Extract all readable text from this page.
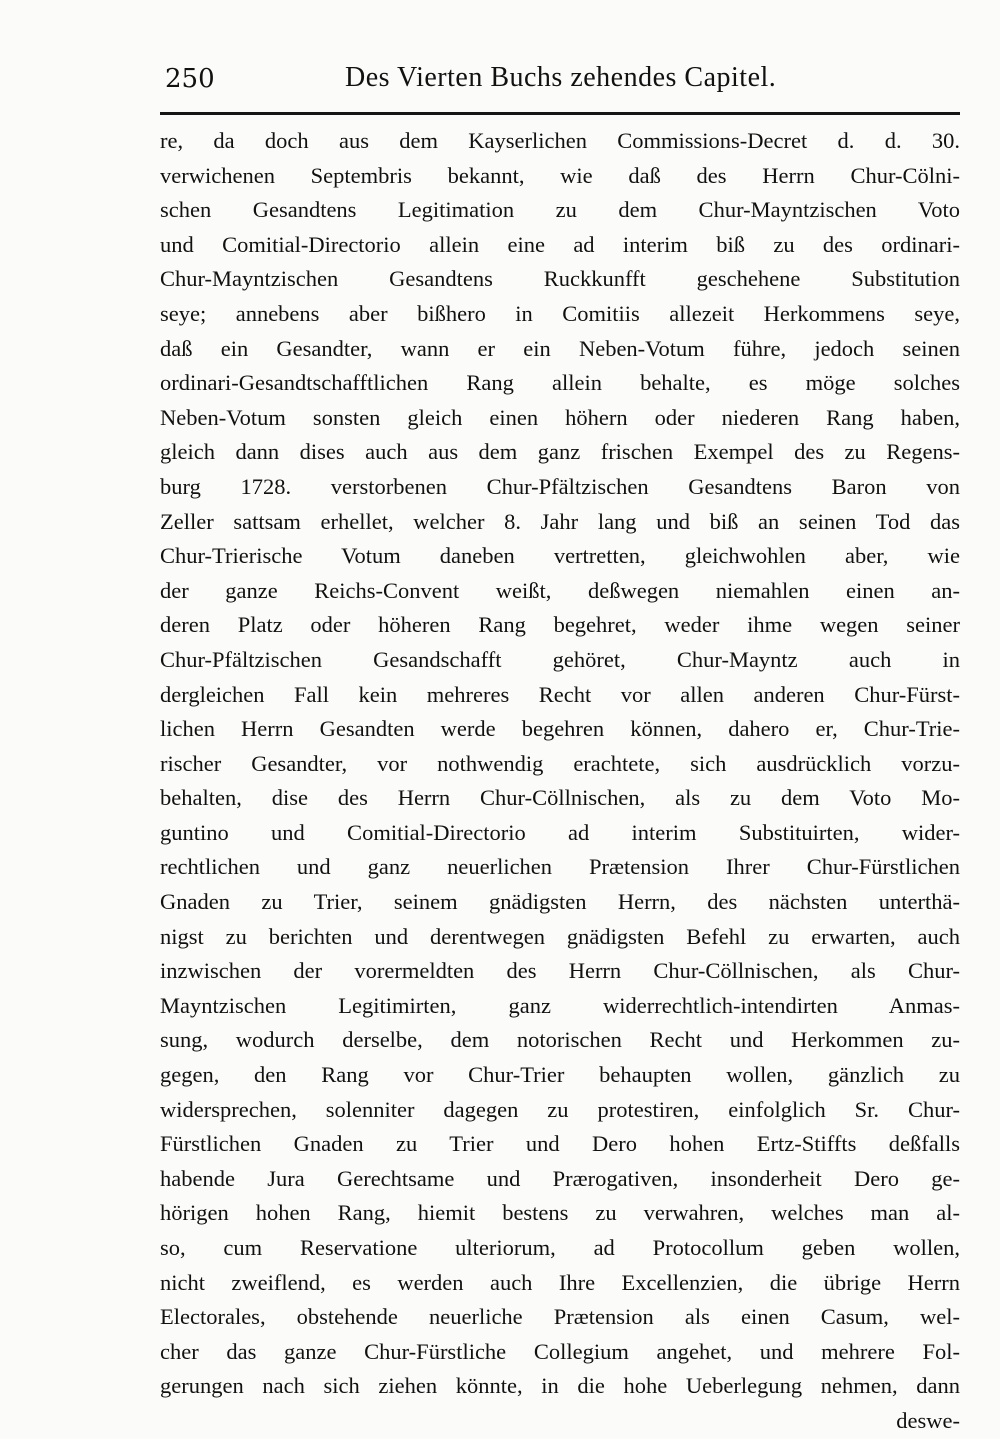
250	Des Vierten Buchs zehendes Capitel.
re, da doch aus dem Kayserlichen Commissions-Decret d. d. 30.
verwichenen Septembris bekannt, wie daß des Herrn Chur-Cölni-
schen Gesandtens Legitimation zu dem Chur-Mayntzischen Voto
und Comitial-Directorio allein eine ad interim biß zu des ordinari-
Chur-Mayntzischen Gesandtens Ruckkunfft geschehene Substitution
seye; annebens aber bißhero in Comitiis allezeit Herkommens seye,
daß ein Gesandter, wann er ein Neben-Votum führe, jedoch seinen
ordinari-Gesandtschafftlichen Rang allein behalte, es möge solches
Neben-Votum sonsten gleich einen höhern oder niederen Rang haben,
gleich dann dises auch aus dem ganz frischen Exempel des zu Regens-
burg 1728. verstorbenen Chur-Pfältzischen Gesandtens Baron von
Zeller sattsam erhellet, welcher 8. Jahr lang und biß an seinen Tod das
Chur-Trierische Votum daneben vertretten, gleichwohlen aber, wie
der ganze Reichs-Convent weißt, deßwegen niemahlen einen an-
deren Platz oder höheren Rang begehret, weder ihme wegen seiner
Chur-Pfältzischen Gesandschafft gehöret, Chur-Mayntz auch in
dergleichen Fall kein mehreres Recht vor allen anderen Chur-Fürst-
lichen Herrn Gesandten werde begehren können, dahero er, Chur-Trie-
rischer Gesandter, vor nothwendig erachtete, sich ausdrücklich vorzu-
behalten, dise des Herrn Chur-Cöllnischen, als zu dem Voto Mo-
guntino und Comitial-Directorio ad interim Substituirten, wider-
rechtlichen und ganz neuerlichen Prætension Ihrer Chur-Fürstlichen
Gnaden zu Trier, seinem gnädigsten Herrn, des nächsten unterthä-
nigst zu berichten und derentwegen gnädigsten Befehl zu erwarten, auch
inzwischen der vorermeldten des Herrn Chur-Cöllnischen, als Chur-
Mayntzischen Legitimirten, ganz widerrechtlich-intendirten Anmas-
sung, wodurch derselbe, dem notorischen Recht und Herkommen zu-
gegen, den Rang vor Chur-Trier behaupten wollen, gänzlich zu
widersprechen, solenniter dagegen zu protestiren, einfolglich Sr. Chur-
Fürstlichen Gnaden zu Trier und Dero hohen Ertz-Stiffts deßfalls
habende Jura Gerechtsame und Prærogativen, insonderheit Dero ge-
hörigen hohen Rang, hiemit bestens zu verwahren, welches man al-
so, cum Reservatione ulteriorum, ad Protocollum geben wollen,
nicht zweiflend, es werden auch Ihre Excellenzien, die übrige Herrn
Electorales, obstehende neuerliche Prætension als einen Casum, wel-
cher das ganze Chur-Fürstliche Collegium angehet, und mehrere Fol-
gerungen nach sich ziehen könnte, in die hohe Ueberlegung nehmen, dann
deswe-
